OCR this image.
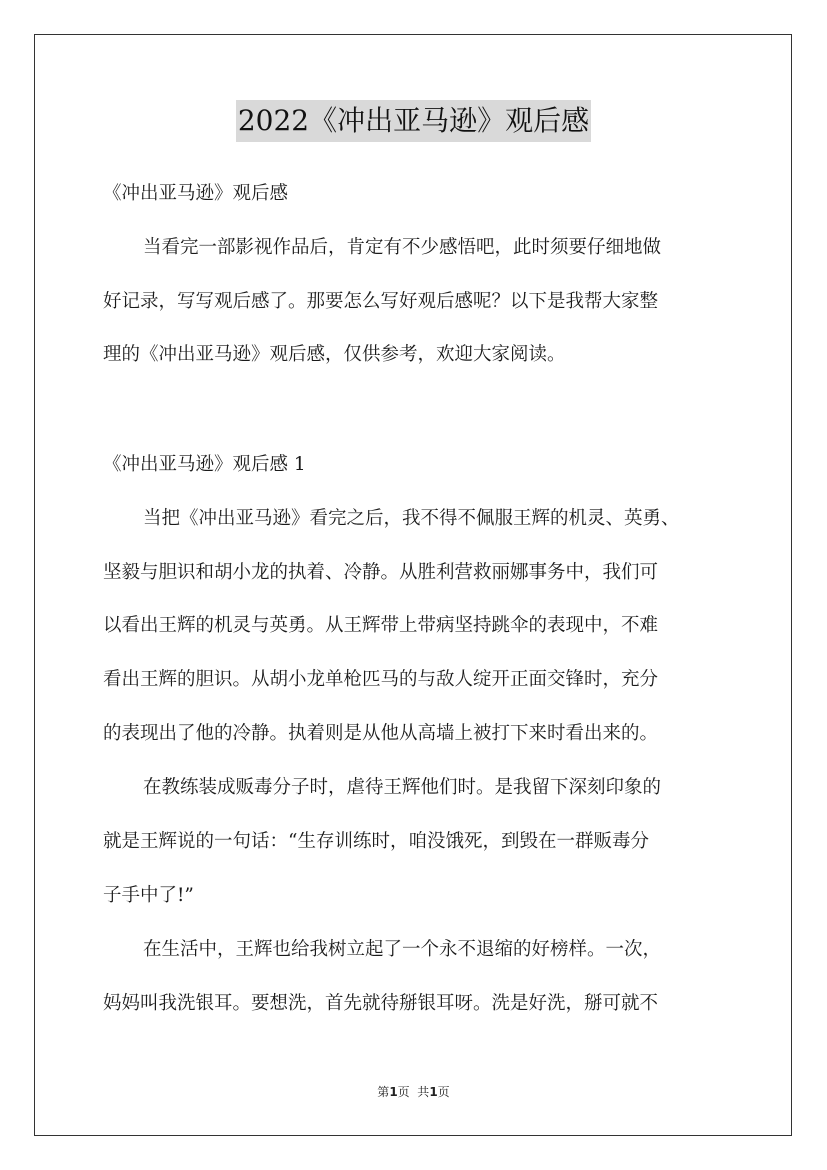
2022《冲出亚马逊》观后感
《冲出亚马逊》观后感
当看完一部影视作品后，肯定有不少感悟吧，此时须要仔细地做
好记录，写写观后感了。那要怎么写好观后感呢？以下是我帮大家整
理的《冲出亚马逊》观后感，仅供参考，欢迎大家阅读。
《冲出亚马逊》观后感 1
当把《冲出亚马逊》看完之后，我不得不佩服王辉的机灵、英勇、
坚毅与胆识和胡小龙的执着、冷静。从胜利营救丽娜事务中，我们可
以看出王辉的机灵与英勇。从王辉带上带病坚持跳伞的表现中，不难
看出王辉的胆识。从胡小龙单枪匹马的与敌人绽开正面交锋时，充分
的表现出了他的冷静。执着则是从他从高墙上被打下来时看出来的。
在教练装成贩毒分子时，虐待王辉他们时。是我留下深刻印象的
就是王辉说的一句话：“生存训练时，咱没饿死，到毁在一群贩毒分
子手中了!”
在生活中，王辉也给我树立起了一个永不退缩的好榜样。一次，
妈妈叫我洗银耳。要想洗，首先就待掰银耳呀。洗是好洗，掰可就不
第1页  共1页
